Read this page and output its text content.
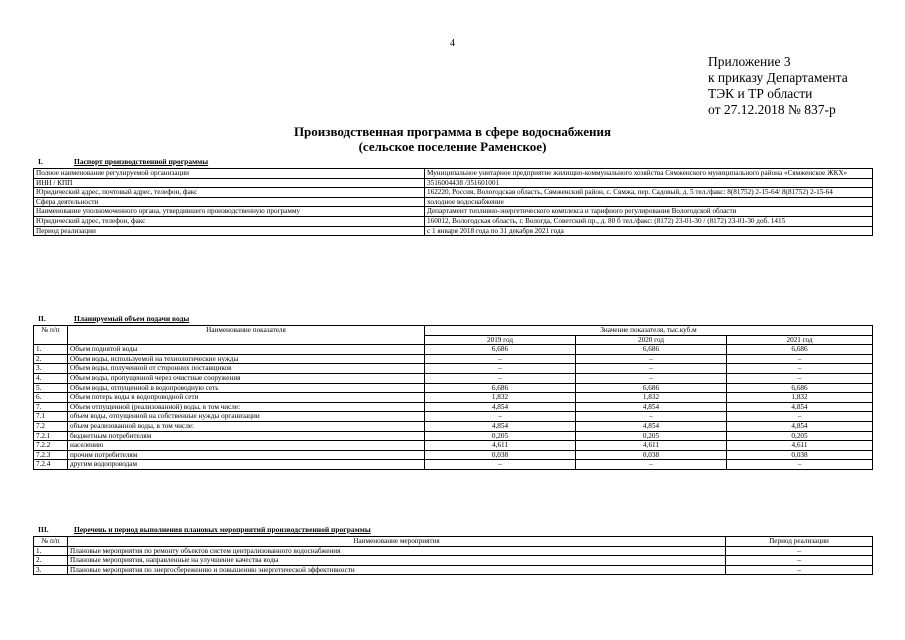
4
Приложение 3
к приказу Департамента
ТЭК и ТР области
от 27.12.2018 № 837-р
Производственная программа в сфере водоснабжения
(сельское поселение Раменское)
I.	Паспорт производственной программы
Полное наименование регулируемой организации	Муниципальное унитарное предприятие жилищно-коммунального хозяйства Сямженского муниципального района «Сямженское ЖКХ»
ИНН / КПП	3516004438 /351601001
Юридический адрес, почтовый адрес, телефон, факс	162220, Россия, Вологодская область, Сямженский район, с. Сямжа, пер. Садовый, д. 5 тел./факс: 8(81752) 2-15-64/ 8(81752) 2-15-64
Сфера деятельности	холодное водоснабжение
Наименование уполномоченного органа, утвердившего производственную программу	Департамент топливно-энергетического комплекса и тарифного регулирования Вологодской области
Юридический адрес, телефон, факс	160012, Вологодская область, г. Вологда, Советский пр., д. 80 б тел./факс: (8172) 23-01-30 / (8172) 23-01-30 доб. 1415
Период реализации	с 1 января 2018 года по 31 декабря 2021 года
II.	Планируемый объем подачи воды
№ п/п	Наименование показателя	Значение показателя, тыс.куб.м		
		2019 год	2020 год	2021 год
1.	Объем поднятой воды	6,686	6,686	6,686
2.	Объем воды, используемой на технологические нужды	–	–	–
3.	Объем воды, полученной от сторонних поставщиков	–	–	–
4.	Объем воды, пропущенной через очистные сооружения	–	–	–
5.	Объем воды, отпущенной в водопроводную сеть	6,686	6,686	6,686
6.	Объем потерь воды в водопроводной сети	1,832	1,832	1,832
7.	Объем отпущенной (реализованной) воды, в том числе:	4,854	4,854	4,854
7.1	объем воды, отпущенной на собственные нужды организации	–	–	–
7.2	объем реализованной воды, в том числе:	4,854	4,854	4,854
7.2.1	бюджетным потребителям	0,205	0,205	0,205
7.2.2	населению	4,611	4,611	4,611
7.2.3	прочим потребителям	0,038	0,038	0,038
7.2.4	другим водопроводам	–	–	–
III.	Перечень и период выполнения плановых мероприятий производственной программы
№ п/п	Наименование мероприятия	Период реализации
1.	Плановые мероприятия по ремонту объектов систем централизованного водоснабжения	–
2.	Плановые мероприятия, направленные на улучшение качества воды	–
3.	Плановые мероприятия по энергосбережению и повышению энергетической эффективности	–
